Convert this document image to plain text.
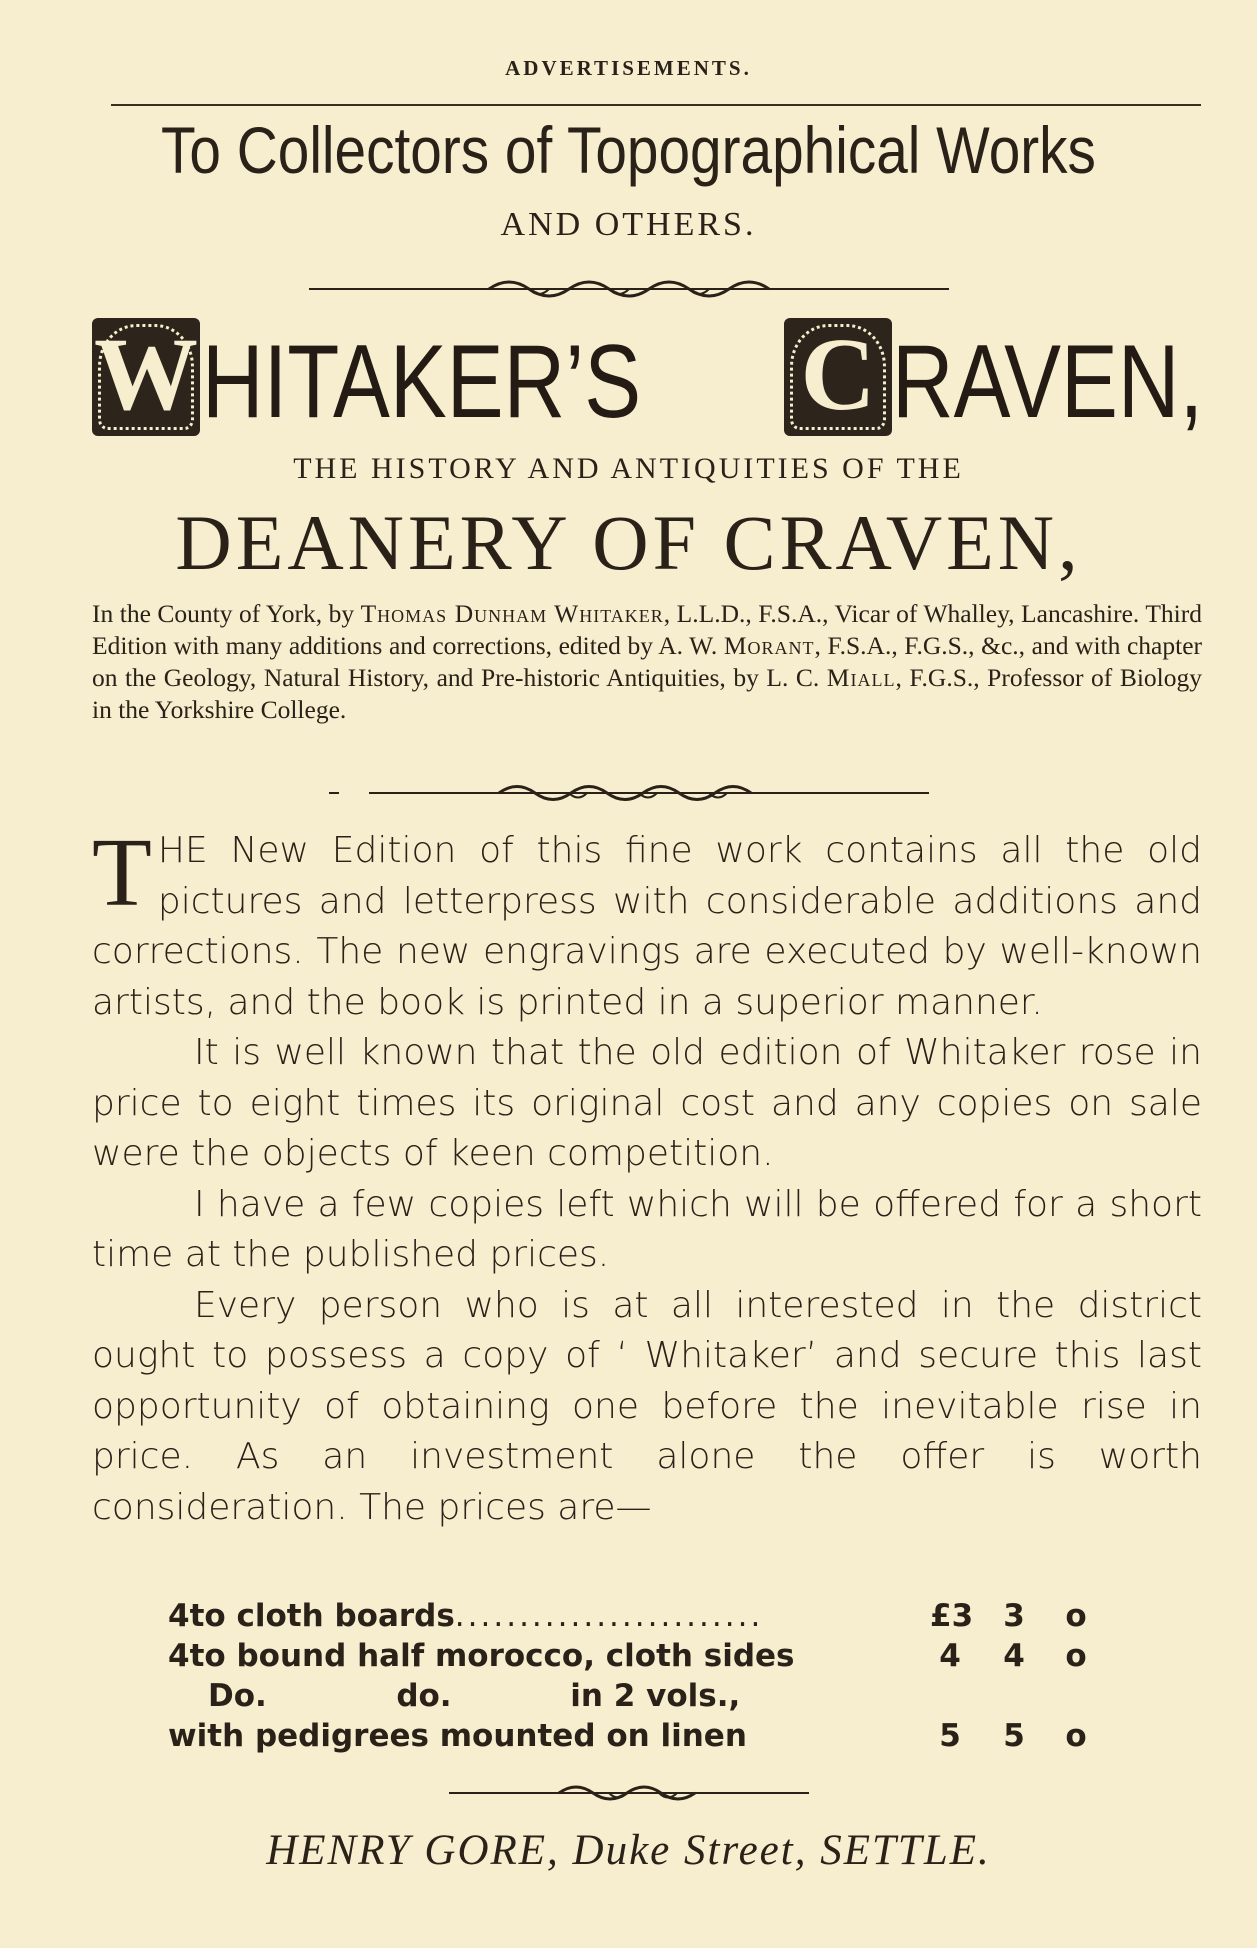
ADVERTISEMENTS.
To Collectors of Topographical Works
AND OTHERS.
W HITAKER’S C RAVEN,
THE HISTORY AND ANTIQUITIES OF THE
DEANERY OF CRAVEN,
In the County of York, by Thomas Dunham Whitaker, L.L.D., F.S.A., Vicar of Whalley, Lancashire. Third Edition with many additions and corrections, edited by A. W. Morant, F.S.A., F.G.S., &c., and with chapter on the Geology, Natural History, and Pre-historic Antiquities, by L. C. Miall, F.G.S., Professor of Biology in the Yorkshire College.

THE New Edition of this fine work contains all the old pictures and letterpress with considerable additions and corrections. The new engravings are executed by well-known artists, and the book is printed in a superior manner.

It is well known that the old edition of Whitaker rose in price to eight times its original cost and any copies on sale were the objects of keen competition.

I have a few copies left which will be offered for a short time at the published prices.

Every person who is at all interested in the district ought to possess a copy of ‘ Whitaker’ and secure this last opportunity of obtaining one before the inevitable rise in price. As an investment alone the offer is worth consideration. The prices are—

4to cloth boards........................	£3 3	o
4to bound half morocco, cloth sides	4 4	o
Do.            do.           in 2 vols.,
with pedigrees mounted on linen	5 5	o
HENRY GORE, Duke Street, SETTLE.
